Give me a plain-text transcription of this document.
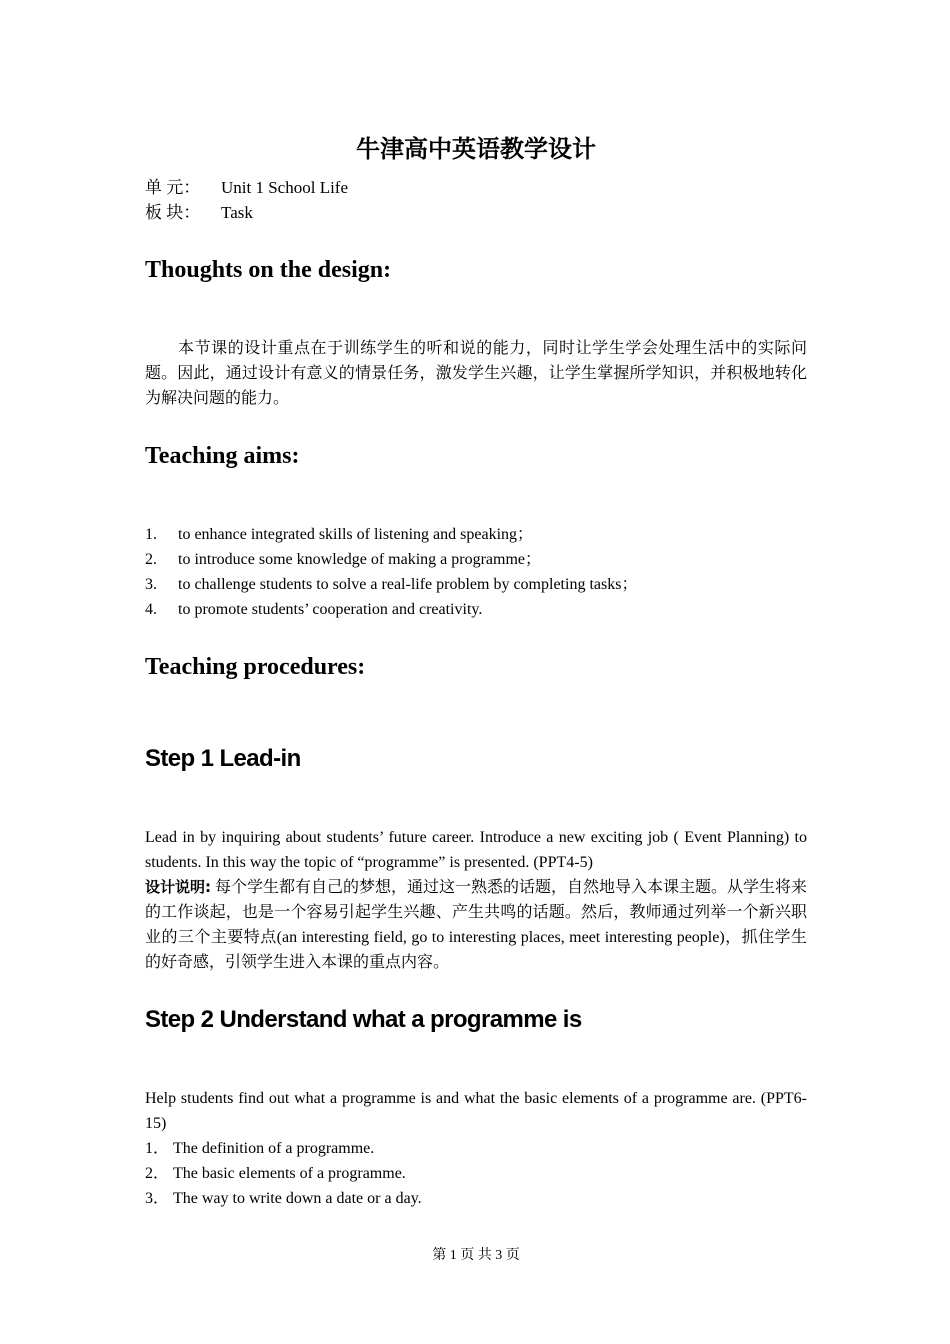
牛津高中英语教学设计
单 元： Unit 1 School Life
板 块： Task
Thoughts on the design:

本节课的设计重点在于训练学生的听和说的能力，同时让学生学会处理生活中的实际问题。因此，通过设计有意义的情景任务，激发学生兴趣，让学生掌握所学知识，并积极地转化为解决问题的能力。

Teaching aims:
1. to enhance integrated skills of listening and speaking；
2. to introduce some knowledge of making a programme；
3. to challenge students to solve a real-life problem by completing tasks；
4. to promote students’ cooperation and creativity.
Teaching procedures:
Step 1 Lead-in

Lead in by inquiring about students’ future career. Introduce a new exciting job ( Event Planning) to students. In this way the topic of “programme” is presented. (PPT4-5)

设计说明: 每个学生都有自己的梦想，通过这一熟悉的话题，自然地导入本课主题。从学生将来的工作谈起，也是一个容易引起学生兴趣、产生共鸣的话题。然后，教师通过列举一个新兴职业的三个主要特点(an interesting field, go to interesting places, meet interesting people)，抓住学生的好奇感，引领学生进入本课的重点内容。

Step 2 Understand what a programme is

Help students find out what a programme is and what the basic elements of a programme are. (PPT6-15)

1． The definition of a programme.
2． The basic elements of a programme.
3． The way to write down a date or a day.
第 1 页 共 3 页
